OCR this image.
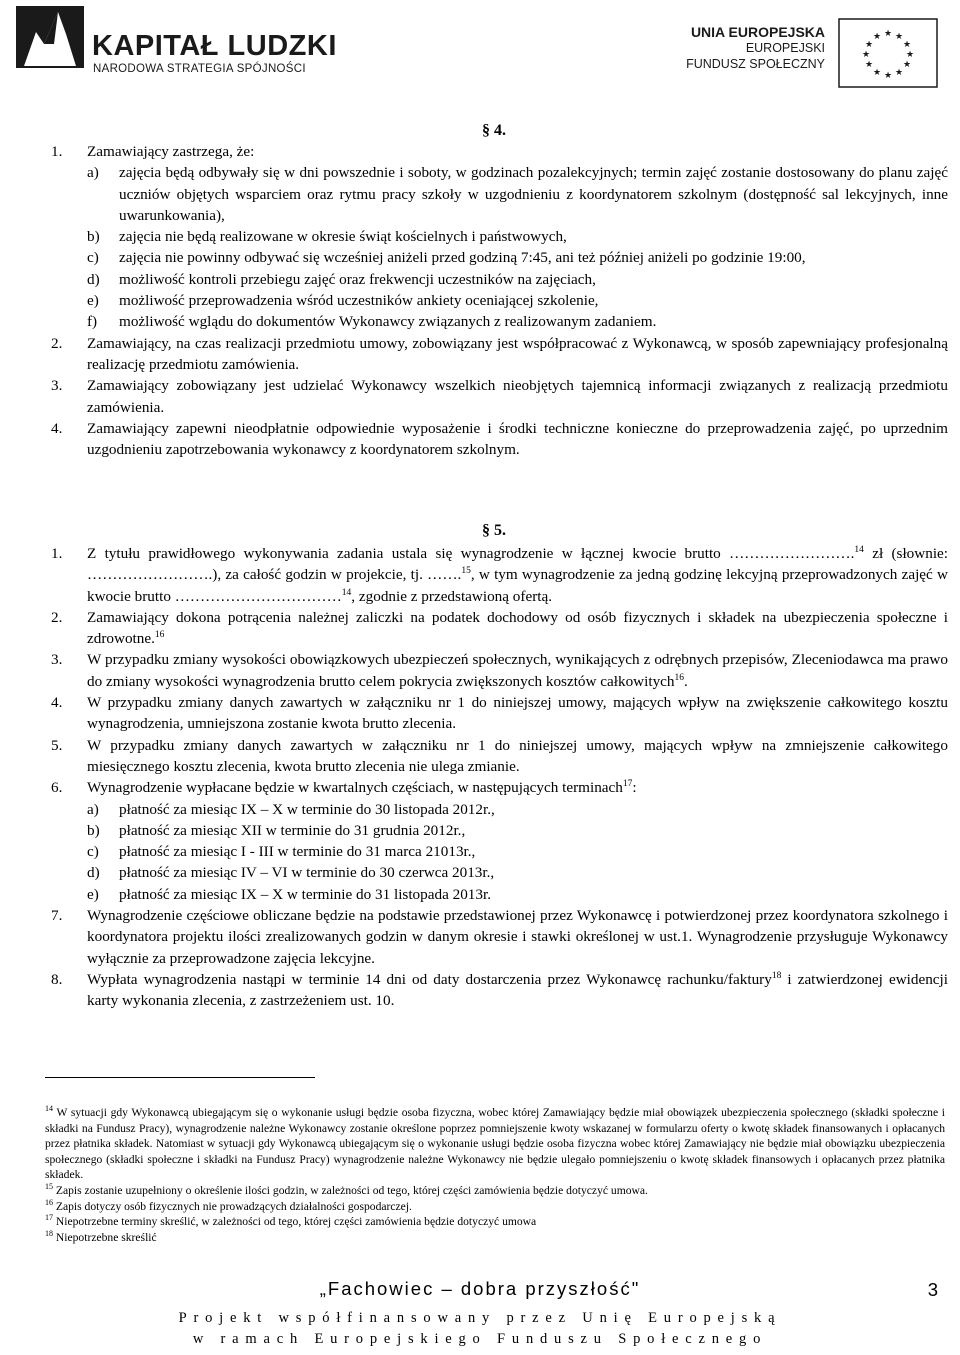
KAPITAŁ LUDZKI
NARODOWA STRATEGIA SPÓJNOŚCI
UNIA EUROPEJSKA
EUROPEJSKI
FUNDUSZ SPOŁECZNY
★ ★
★
★
★
★
★
★
★
★
★
★
§ 4.
1. Zamawiający zastrzega, że:
a) zajęcia będą odbywały się w dni powszednie i soboty, w godzinach pozalekcyjnych; termin zajęć zostanie dostosowany do planu zajęć uczniów objętych wsparciem oraz rytmu pracy szkoły w uzgodnieniu z koordynatorem szkolnym (dostępność sal lekcyjnych, inne uwarunkowania),
b) zajęcia nie będą realizowane w okresie świąt kościelnych i państwowych,
c) zajęcia nie powinny odbywać się wcześniej aniżeli przed godziną 7:45, ani też później aniżeli po godzinie 19:00,
d) możliwość kontroli przebiegu zajęć oraz frekwencji uczestników na zajęciach,
e) możliwość przeprowadzenia wśród uczestników ankiety oceniającej szkolenie,
f) możliwość wglądu do dokumentów Wykonawcy związanych z realizowanym zadaniem.
2. Zamawiający, na czas realizacji przedmiotu umowy, zobowiązany jest współpracować z Wykonawcą, w sposób zapewniający profesjonalną realizację przedmiotu zamówienia.
3. Zamawiający zobowiązany jest udzielać Wykonawcy wszelkich nieobjętych tajemnicą informacji związanych z realizacją przedmiotu zamówienia.
4. Zamawiający zapewni nieodpłatnie odpowiednie wyposażenie i środki techniczne konieczne do przeprowadzenia zajęć, po uprzednim uzgodnieniu zapotrzebowania wykonawcy z koordynatorem szkolnym.
§ 5.
1. Z tytułu prawidłowego wykonywania zadania ustala się wynagrodzenie w łącznej kwocie brutto …………………….$^{14}$ zł (słownie: …………………….), za całość godzin w projekcie, tj. …….$^{15}$, w tym wynagrodzenie za jedną godzinę lekcyjną przeprowadzonych zajęć w kwocie brutto ……………………………$^{14}$, zgodnie z przedstawioną ofertą.
2. Zamawiający dokona potrącenia należnej zaliczki na podatek dochodowy od osób fizycznych i składek na ubezpieczenia społeczne i zdrowotne.$^{16}$
3. W przypadku zmiany wysokości obowiązkowych ubezpieczeń społecznych, wynikających z odrębnych przepisów, Zleceniodawca ma prawo do zmiany wysokości wynagrodzenia brutto celem pokrycia zwiększonych kosztów całkowitych$^{16}$.
4. W przypadku zmiany danych zawartych w załączniku nr 1 do niniejszej umowy, mających wpływ na zwiększenie całkowitego kosztu wynagrodzenia, umniejszona zostanie kwota brutto zlecenia.
5. W przypadku zmiany danych zawartych w załączniku nr 1 do niniejszej umowy, mających wpływ na zmniejszenie całkowitego miesięcznego kosztu zlecenia, kwota brutto zlecenia nie ulega zmianie.
6. Wynagrodzenie wypłacane będzie w kwartalnych częściach, w następujących terminach$^{17}$:
a) płatność za miesiąc IX – X w terminie do 30 listopada 2012r.,
b) płatność za miesiąc XII w terminie do 31 grudnia 2012r.,
c) płatność za miesiąc I - III w terminie do 31 marca 21013r.,
d) płatność za miesiąc IV – VI w terminie do 30 czerwca 2013r.,
e) płatność za miesiąc IX – X w terminie do 31 listopada 2013r.
7. Wynagrodzenie częściowe obliczane będzie na podstawie przedstawionej przez Wykonawcę i potwierdzonej przez koordynatora szkolnego i koordynatora projektu ilości zrealizowanych godzin w danym okresie i stawki określonej w ust.1. Wynagrodzenie przysługuje Wykonawcy wyłącznie za przeprowadzone zajęcia lekcyjne.
8. Wypłata wynagrodzenia nastąpi w terminie 14 dni od daty dostarczenia przez Wykonawcę rachunku/faktury$^{18}$ i zatwierdzonej ewidencji karty wykonania zlecenia, z zastrzeżeniem ust. 10.
$^{14}$ W sytuacji gdy Wykonawcą ubiegającym się o wykonanie usługi będzie osoba fizyczna, wobec której Zamawiający będzie miał obowiązek ubezpieczenia społecznego (składki społeczne i składki na Fundusz Pracy), wynagrodzenie należne Wykonawcy zostanie określone poprzez pomniejszenie kwoty wskazanej w formularzu oferty o kwotę składek finansowanych i opłacanych przez płatnika składek. Natomiast w sytuacji gdy Wykonawcą ubiegającym się o wykonanie usługi będzie osoba fizyczna wobec której Zamawiający nie będzie miał obowiązku ubezpieczenia społecznego (składki społeczne i składki na Fundusz Pracy) wynagrodzenie należne Wykonawcy nie będzie ulegało pomniejszeniu o kwotę składek finansowych i opłacanych przez płatnika składek.
$^{15}$ Zapis zostanie uzupełniony o określenie ilości godzin, w zależności od tego, której części zamówienia będzie dotyczyć umowa.
$^{16}$ Zapis dotyczy osób fizycznych nie prowadzących działalności gospodarczej.
$^{17}$ Niepotrzebne terminy skreślić, w zależności od tego, której części zamówienia będzie dotyczyć umowa
$^{18}$ Niepotrzebne skreślić
„Fachowiec – dobra przyszłość"	3
Projekt współfinansowany przez Unię Europejską
w ramach Europejskiego Funduszu Społecznego
